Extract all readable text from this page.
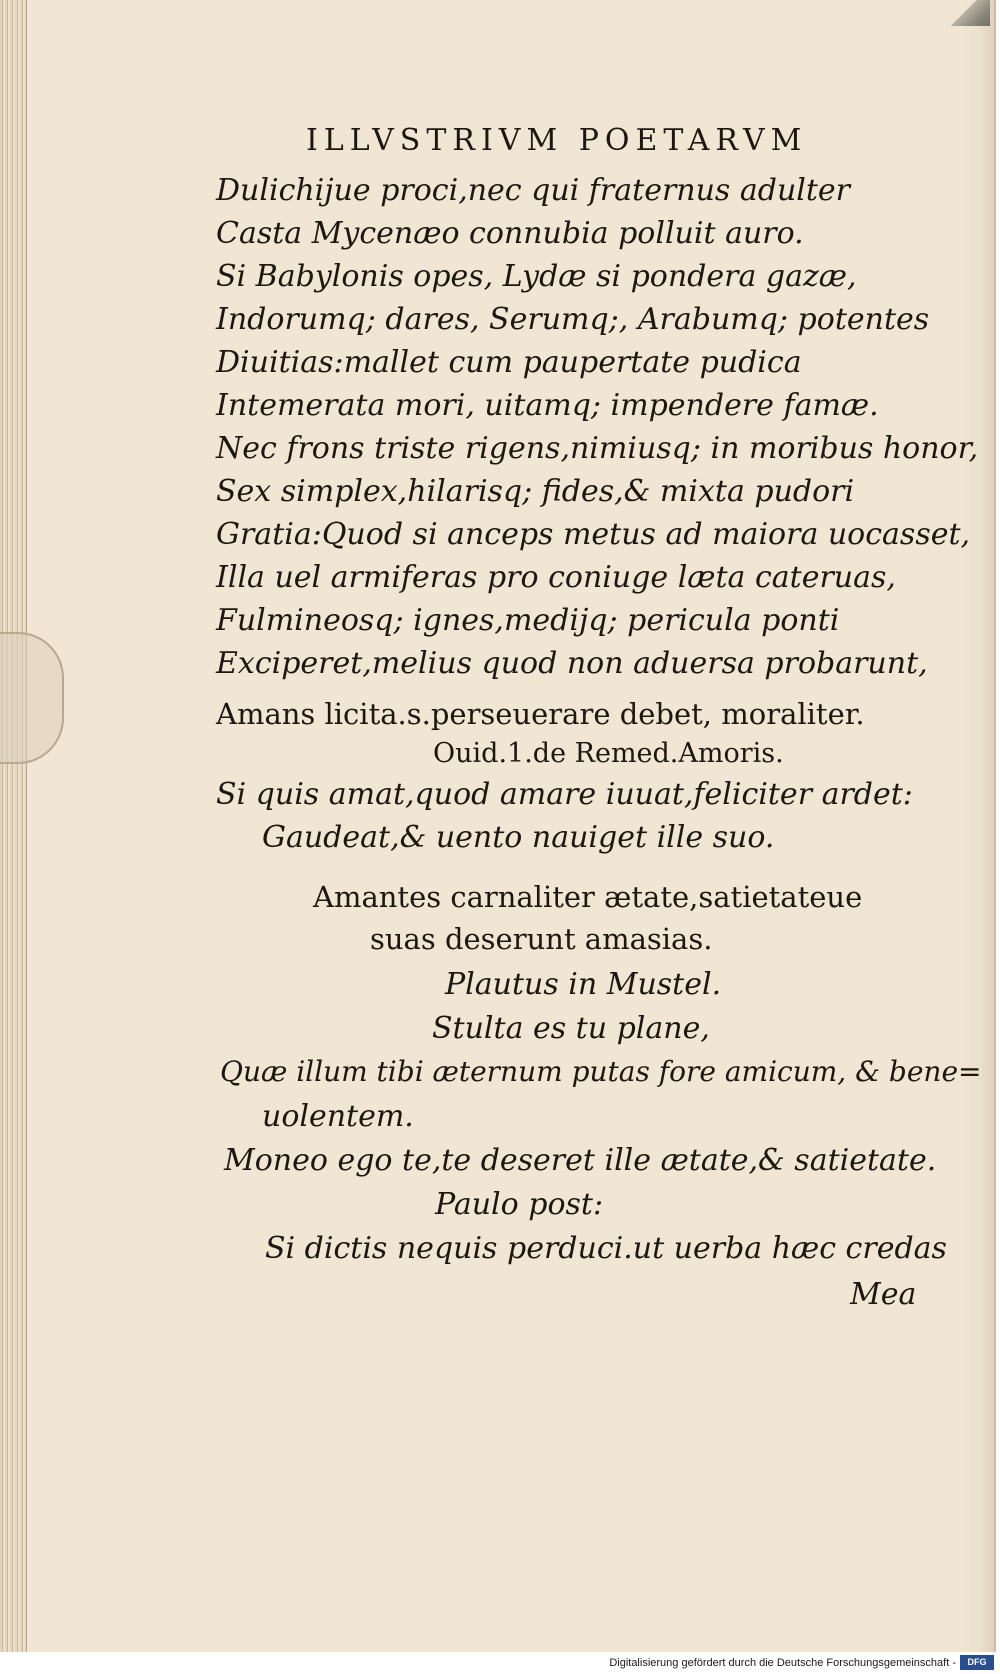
ILLVSTRIVM POETARVM
Dulichijue proci,nec qui fraternus adulter
Casta Mycenæo connubia polluit auro.
Si Babylonis opes, Lydæ si pondera gazæ,
Indorumq; dares, Serumq;, Arabumq; potentes
Diuitias:mallet cum paupertate pudica
Intemerata mori, uitamq; impendere famæ.
Nec frons triste rigens,nimiusq; in moribus honor,
Sex simplex,hilarisq; fides,& mixta pudori
Gratia:Quod si anceps metus ad maiora uocasset,
Illa uel armiferas pro coniuge læta cateruas,
Fulmineosq; ignes,medijq; pericula ponti
Exciperet,melius quod non aduersa probarunt,
Amans licita.s.perseuerare debet, moraliter.
Ouid.1.de Remed.Amoris.
Si quis amat,quod amare iuuat,feliciter ardet:
Gaudeat,& uento nauiget ille suo.
Amantes carnaliter ætate,satietateue
suas deserunt amasias.
Plautus in Mustel.
Stulta es tu plane,
Quæ illum tibi æternum putas fore amicum, & bene=
uolentem.
Moneo ego te,te deseret ille ætate,& satietate.
Paulo post:
Si dictis nequis perduci.ut uerba hæc credas
Mea
Digitalisierung gefördert durch die Deutsche Forschungsgemeinschaft -	DFG
